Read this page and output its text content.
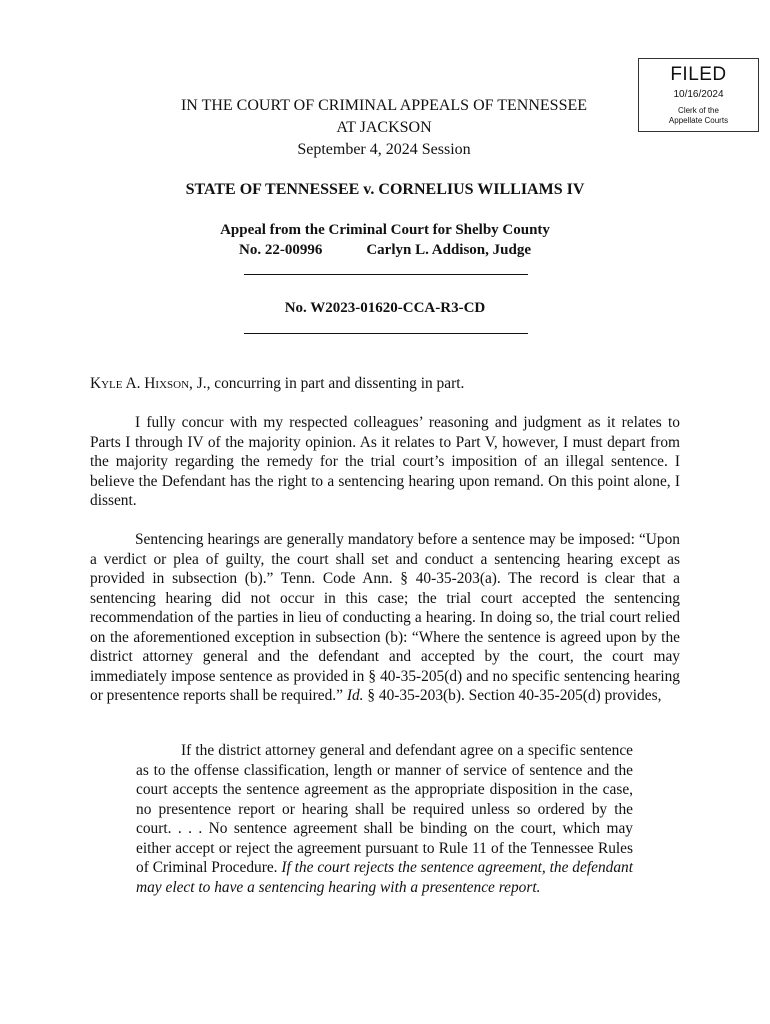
FILED
10/16/2024
Clerk of the
Appellate Courts
IN THE COURT OF CRIMINAL APPEALS OF TENNESSEE
AT JACKSON
September 4, 2024 Session
STATE OF TENNESSEE v. CORNELIUS WILLIAMS IV
Appeal from the Criminal Court for Shelby County
No. 22-00996	Carlyn L. Addison, Judge
No. W2023-01620-CCA-R3-CD
Kyle A. Hixson, J., concurring in part and dissenting in part.
I fully concur with my respected colleagues’ reasoning and judgment as it relates to Parts I through IV of the majority opinion. As it relates to Part V, however, I must depart from the majority regarding the remedy for the trial court’s imposition of an illegal sentence. I believe the Defendant has the right to a sentencing hearing upon remand. On this point alone, I dissent.
Sentencing hearings are generally mandatory before a sentence may be imposed: “Upon a verdict or plea of guilty, the court shall set and conduct a sentencing hearing except as provided in subsection (b).” Tenn. Code Ann. § 40-35-203(a). The record is clear that a sentencing hearing did not occur in this case; the trial court accepted the sentencing recommendation of the parties in lieu of conducting a hearing. In doing so, the trial court relied on the aforementioned exception in subsection (b): “Where the sentence is agreed upon by the district attorney general and the defendant and accepted by the court, the court may immediately impose sentence as provided in § 40-35-205(d) and no specific sentencing hearing or presentence reports shall be required.” Id. § 40-35-203(b). Section 40-35-205(d) provides,
If the district attorney general and defendant agree on a specific sentence as to the offense classification, length or manner of service of sentence and the court accepts the sentence agreement as the appropriate disposition in the case, no presentence report or hearing shall be required unless so ordered by the court. . . . No sentence agreement shall be binding on the court, which may either accept or reject the agreement pursuant to Rule 11 of the Tennessee Rules of Criminal Procedure. If the court rejects the sentence agreement, the defendant may elect to have a sentencing hearing with a presentence report.
